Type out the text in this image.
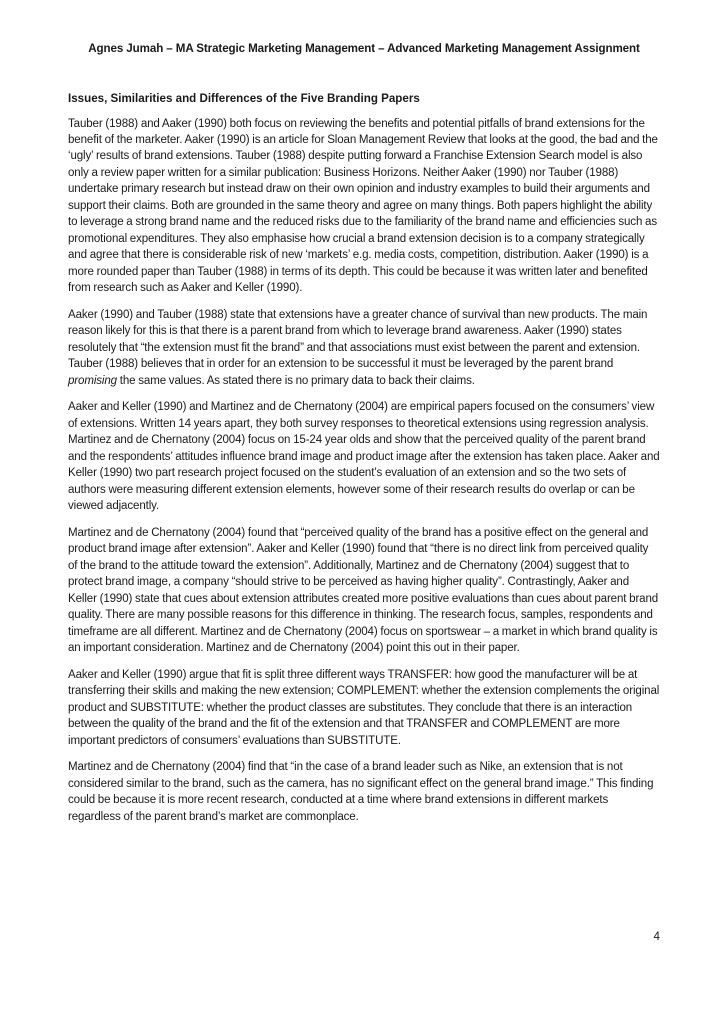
Agnes Jumah – MA Strategic Marketing Management – Advanced Marketing Management Assignment
Issues, Similarities and Differences of the Five Branding Papers

Tauber (1988) and Aaker (1990) both focus on reviewing the benefits and potential pitfalls of brand extensions for the benefit of the marketer. Aaker (1990) is an article for Sloan Management Review that looks at the good, the bad and the ‘ugly’ results of brand extensions. Tauber (1988) despite putting forward a Franchise Extension Search model is also only a review paper written for a similar publication: Business Horizons. Neither Aaker (1990) nor Tauber (1988) undertake primary research but instead draw on their own opinion and industry examples to build their arguments and support their claims. Both are grounded in the same theory and agree on many things. Both papers highlight the ability to leverage a strong brand name and the reduced risks due to the familiarity of the brand name and efficiencies such as promotional expenditures. They also emphasise how crucial a brand extension decision is to a company strategically and agree that there is considerable risk of new ‘markets’ e.g. media costs, competition, distribution. Aaker (1990) is a more rounded paper than Tauber (1988) in terms of its depth. This could be because it was written later and benefited from research such as Aaker and Keller (1990).

Aaker (1990) and Tauber (1988) state that extensions have a greater chance of survival than new products. The main reason likely for this is that there is a parent brand from which to leverage brand awareness. Aaker (1990) states resolutely that “the extension must fit the brand” and that associations must exist between the parent and extension. Tauber (1988) believes that in order for an extension to be successful it must be leveraged by the parent brand promising the same values. As stated there is no primary data to back their claims.

Aaker and Keller (1990) and Martinez and de Chernatony (2004) are empirical papers focused on the consumers’ view of extensions. Written 14 years apart, they both survey responses to theoretical extensions using regression analysis. Martinez and de Chernatony (2004) focus on 15-24 year olds and show that the perceived quality of the parent brand and the respondents’ attitudes influence brand image and product image after the extension has taken place. Aaker and Keller (1990) two part research project focused on the student’s evaluation of an extension and so the two sets of authors were measuring different extension elements, however some of their research results do overlap or can be viewed adjacently.

Martinez and de Chernatony (2004) found that “perceived quality of the brand has a positive effect on the general and product brand image after extension”. Aaker and Keller (1990) found that “there is no direct link from perceived quality of the brand to the attitude toward the extension”. Additionally, Martinez and de Chernatony (2004) suggest that to protect brand image, a company “should strive to be perceived as having higher quality”. Contrastingly, Aaker and Keller (1990) state that cues about extension attributes created more positive evaluations than cues about parent brand quality. There are many possible reasons for this difference in thinking. The research focus, samples, respondents and timeframe are all different. Martinez and de Chernatony (2004) focus on sportswear – a market in which brand quality is an important consideration. Martinez and de Chernatony (2004) point this out in their paper.

Aaker and Keller (1990) argue that fit is split three different ways TRANSFER: how good the manufacturer will be at transferring their skills and making the new extension; COMPLEMENT: whether the extension complements the original product and SUBSTITUTE: whether the product classes are substitutes. They conclude that there is an interaction between the quality of the brand and the fit of the extension and that TRANSFER and COMPLEMENT are more important predictors of consumers’ evaluations than SUBSTITUTE.

Martinez and de Chernatony (2004) find that “in the case of a brand leader such as Nike, an extension that is not considered similar to the brand, such as the camera, has no significant effect on the general brand image.” This finding could be because it is more recent research, conducted at a time where brand extensions in different markets regardless of the parent brand’s market are commonplace.

4
